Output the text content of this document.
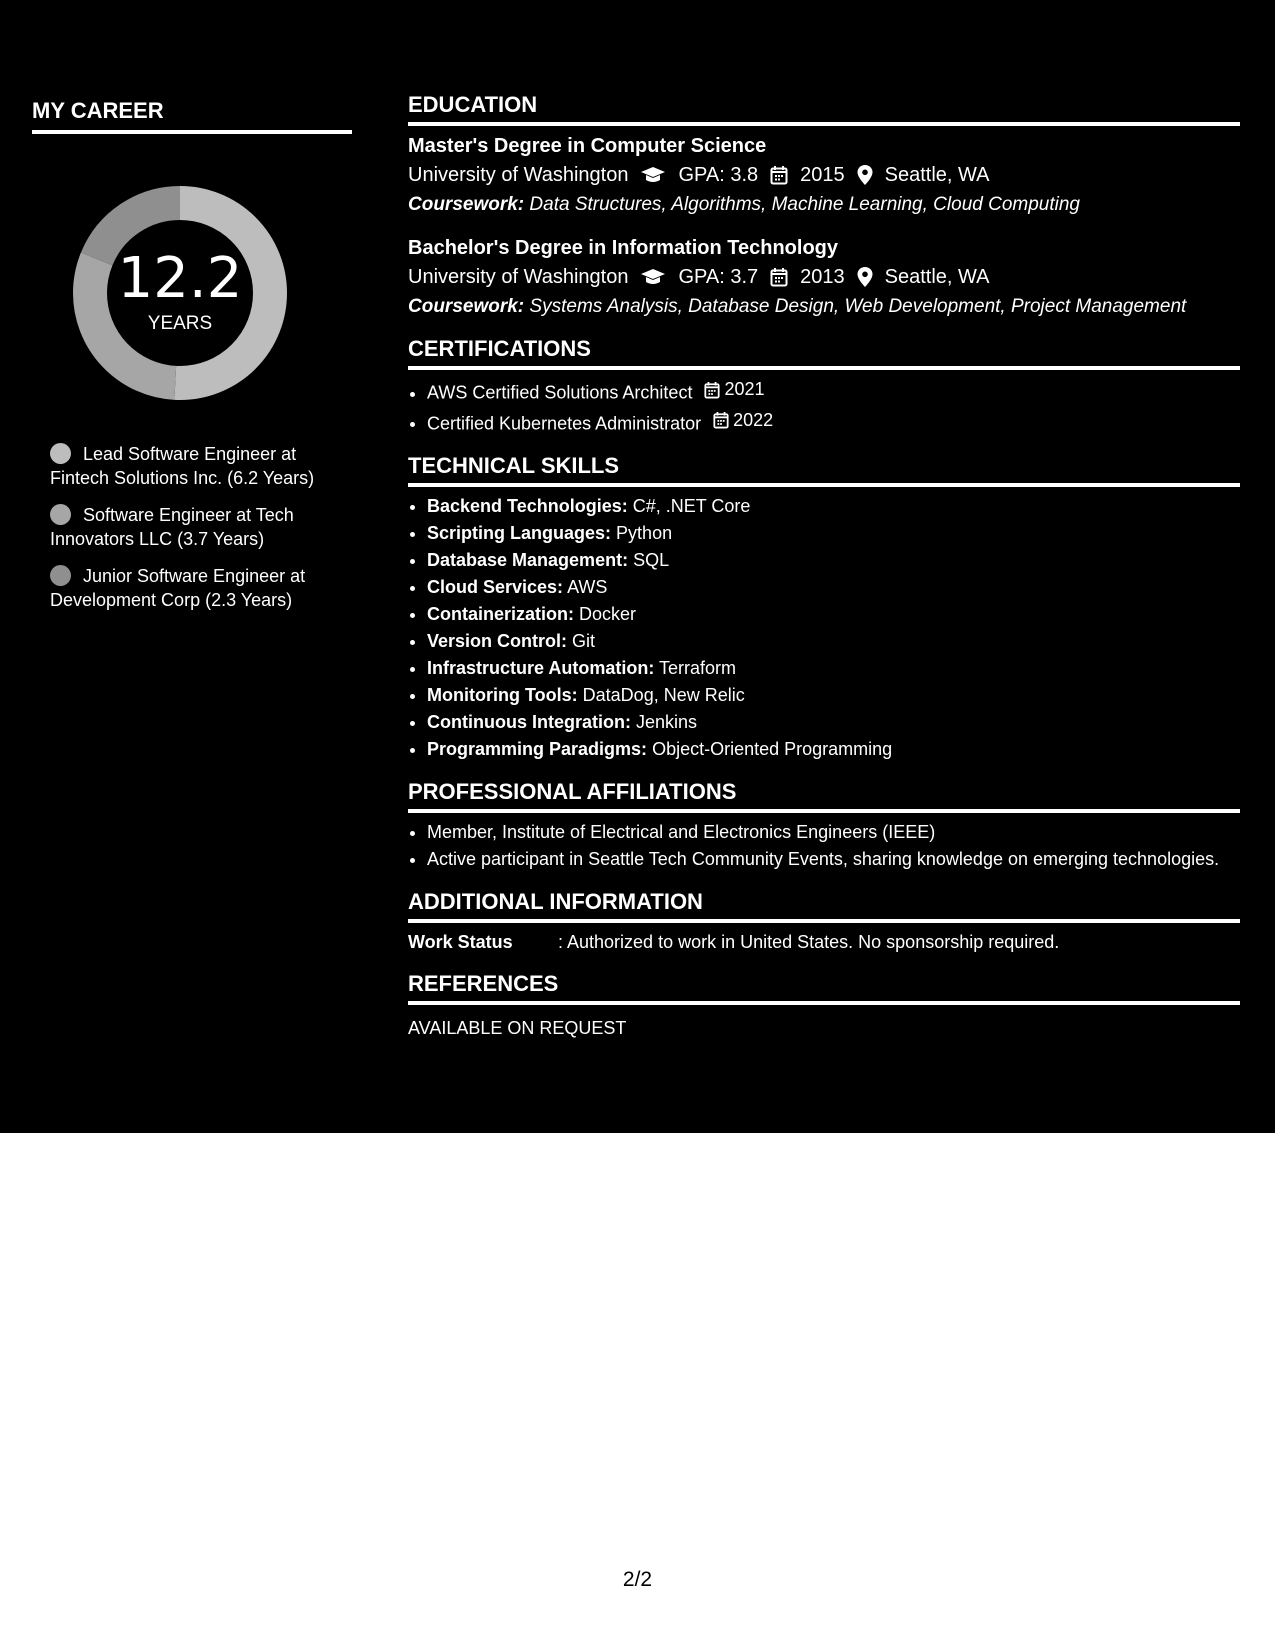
MY CAREER
12.2
YEARS
Lead Software Engineer at Fintech Solutions Inc. (6.2 Years)
Software Engineer at Tech Innovators LLC (3.7 Years)
Junior Software Engineer at Development Corp (2.3 Years)
EDUCATION
Master's Degree in Computer Science
University of Washington	GPA: 3.8 2015 Seattle, WA
Coursework: Data Structures, Algorithms, Machine Learning, Cloud Computing
Bachelor's Degree in Information Technology
University of Washington	GPA: 3.7 2013 Seattle, WA
Coursework: Systems Analysis, Database Design, Web Development, Project Management
CERTIFICATIONS
• AWS Certified Solutions Architect 2021
• Certified Kubernetes Administrator 2022
TECHNICAL SKILLS
• Backend Technologies: C#, .NET Core
• Scripting Languages: Python
• Database Management: SQL
• Cloud Services: AWS
• Containerization: Docker
• Version Control: Git
• Infrastructure Automation: Terraform
• Monitoring Tools: DataDog, New Relic
• Continuous Integration: Jenkins
• Programming Paradigms: Object-Oriented Programming
PROFESSIONAL AFFILIATIONS
• Member, Institute of Electrical and Electronics Engineers (IEEE)
• Active participant in Seattle Tech Community Events, sharing knowledge on emerging technologies.
ADDITIONAL INFORMATION
Work Status	: Authorized to work in United States. No sponsorship required.
REFERENCES
AVAILABLE ON REQUEST
2/2
